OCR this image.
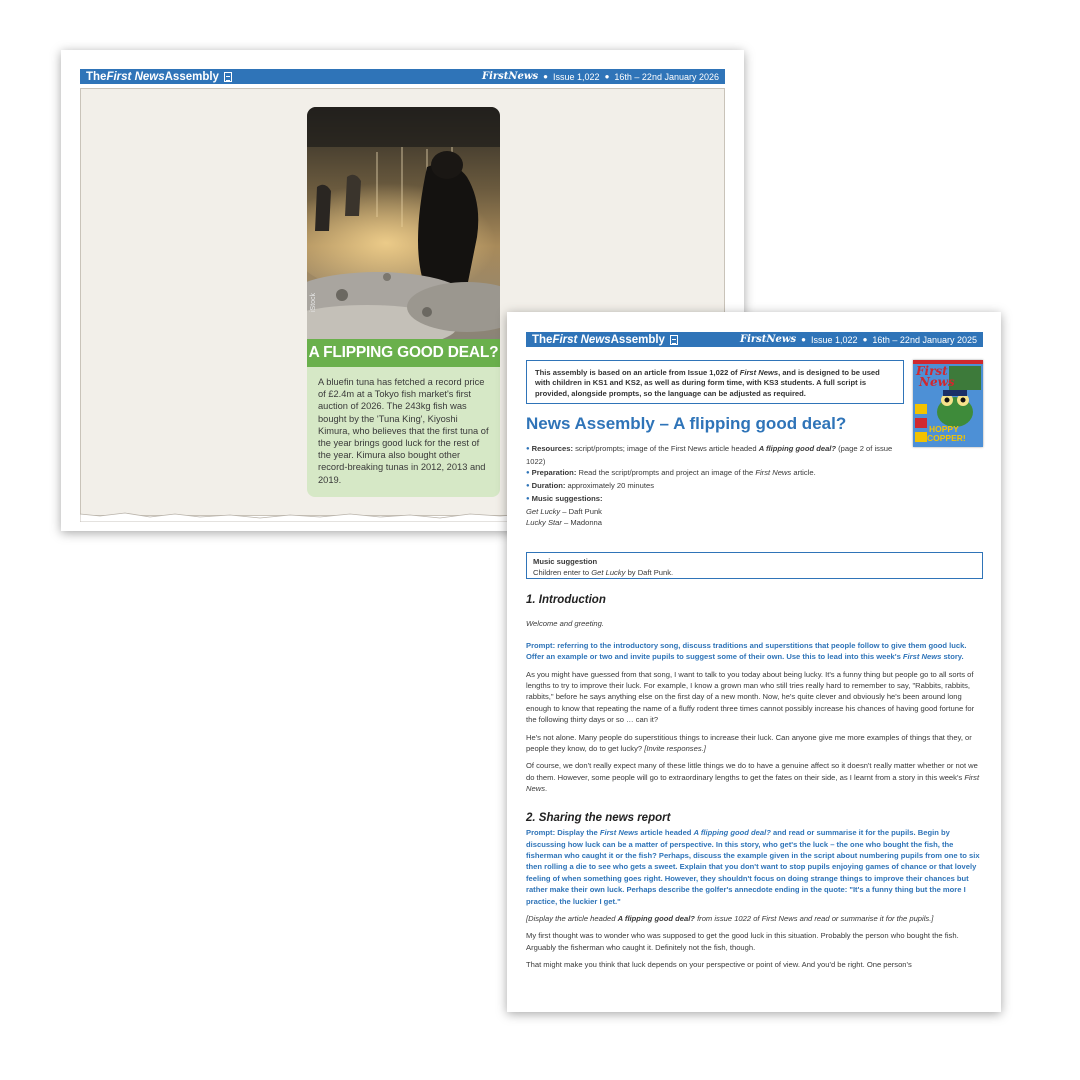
The First News Assembly	FirstNews ● Issue 1,022 ● 16th – 22nd January 2026
iStock
A FLIPPING GOOD DEAL?
A bluefin tuna has fetched a record price of £2.4m at a Tokyo fish market's first auction of 2026. The 243kg fish was bought by the 'Tuna King', Kiyoshi Kimura, who believes that the first tuna of the year brings good luck for the rest of the year. Kimura also bought other record-breaking tunas in 2012, 2013 and 2019.
The First News Assembly	FirstNews ● Issue 1,022 ● 16th – 22nd January 2025
This assembly is based on an article from Issue 1,022 of First News, and is designed to be used with children in KS1 and KS2, as well as during form time, with KS3 students. A full script is provided, alongside prompts, so the language can be adjusted as required.
First
News
HOPPY
COPPER!
News Assembly – A flipping good deal?
● Resources: script/prompts; image of the First News article headed A flipping good deal? (page 2 of issue 1022)
● Preparation: Read the script/prompts and project an image of the First News article.
● Duration: approximately 20 minutes
● Music suggestions:
Get Lucky – Daft Punk
Lucky Star – Madonna
Music suggestion
Children enter to Get Lucky by Daft Punk.
1. Introduction

Welcome and greeting.

Prompt: referring to the introductory song, discuss traditions and superstitions that people follow to give them good luck. Offer an example or two and invite pupils to suggest some of their own. Use this to lead into this week's First News story.

As you might have guessed from that song, I want to talk to you today about being lucky. It's a funny thing but people go to all sorts of lengths to try to improve their luck. For example, I know a grown man who still tries really hard to remember to say, "Rabbits, rabbits, rabbits," before he says anything else on the first day of a new month. Now, he's quite clever and obviously he's been around long enough to know that repeating the name of a fluffy rodent three times cannot possibly increase his chances of having good fortune for the following thirty days or so … can it?

He's not alone. Many people do superstitious things to increase their luck. Can anyone give me more examples of things that they, or people they know, do to get lucky? [Invite responses.]

Of course, we don't really expect many of these little things we do to have a genuine affect so it doesn't really matter whether or not we do them. However, some people will go to extraordinary lengths to get the fates on their side, as I learnt from a story in this week's First News.

2. Sharing the news report

Prompt: Display the First News article headed A flipping good deal? and read or summarise it for the pupils. Begin by discussing how luck can be a matter of perspective. In this story, who get's the luck – the one who bought the fish, the fisherman who caught it or the fish? Perhaps, discuss the example given in the script about numbering pupils from one to six then rolling a die to see who gets a sweet. Explain that you don't want to stop pupils enjoying games of chance or that lovely feeling of when something goes right. However, they shouldn't focus on doing strange things to improve their chances but rather make their own luck. Perhaps describe the golfer's annecdote ending in the quote: "It's a funny thing but the more I practice, the luckier I get."

[Display the article headed A flipping good deal? from issue 1022 of First News and read or summarise it for the pupils.]

My first thought was to wonder who was supposed to get the good luck in this situation. Probably the person who bought the fish. Arguably the fisherman who caught it. Definitely not the fish, though.

That might make you think that luck depends on your perspective or point of view. And you'd be right. One person's
